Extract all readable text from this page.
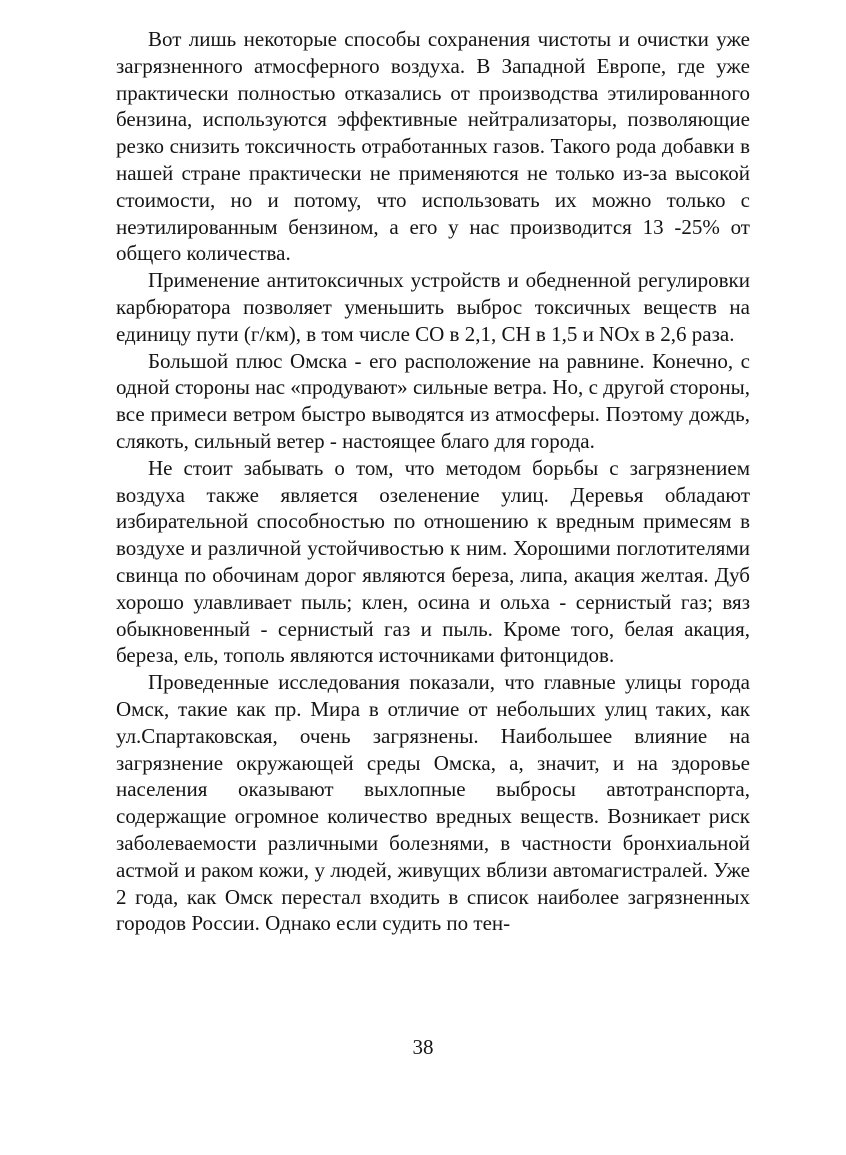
Вот лишь некоторые способы сохранения чистоты и очистки уже загрязненного атмосферного воздуха. В Западной Европе, где уже практически полностью отказались от производства этилированного бензина, используются эффективные нейтрализаторы, позволяющие резко снизить токсичность отработанных газов. Такого рода добавки в нашей стране практически не применяются не только из-за высокой стоимости, но и потому, что использовать их можно только с неэтилированным бензином, а его у нас производится 13 -25% от общего количества.

Применение антитоксичных устройств и обедненной регулировки карбюратора позволяет уменьшить выброс токсичных веществ на единицу пути (г/км), в том числе СО в 2,1, СН в 1,5 и NOx в 2,6 раза.

Большой плюс Омска - его расположение на равнине. Конечно, с одной стороны нас «продувают» сильные ветра. Но, с другой стороны, все примеси ветром быстро выводятся из атмосферы. Поэтому дождь, слякоть, сильный ветер - настоящее благо для города.

Не стоит забывать о том, что методом борьбы с загрязнением воздуха также является озеленение улиц. Деревья обладают избирательной способностью по отношению к вредным примесям в воздухе и различной устойчивостью к ним. Хорошими поглотителями свинца по обочинам дорог являются береза, липа, акация желтая. Дуб хорошо улавливает пыль; клен, осина и ольха - сернистый газ; вяз обыкновенный - сернистый газ и пыль. Кроме того, белая акация, береза, ель, тополь являются источниками фитонцидов.

Проведенные исследования показали, что главные улицы города Омск, такие как пр. Мира в отличие от небольших улиц таких, как ул.Спартаковская, очень загрязнены. Наибольшее влияние на загрязнение окружающей среды Омска, а, значит, и на здоровье населения оказывают выхлопные выбросы автотранспорта, содержащие огромное количество вредных веществ. Возникает риск заболеваемости различными болезнями, в частности бронхиальной астмой и раком кожи, у людей, живущих вблизи автомагистралей. Уже 2 года, как Омск перестал входить в список наиболее загрязненных городов России. Однако если судить по тен-

38
